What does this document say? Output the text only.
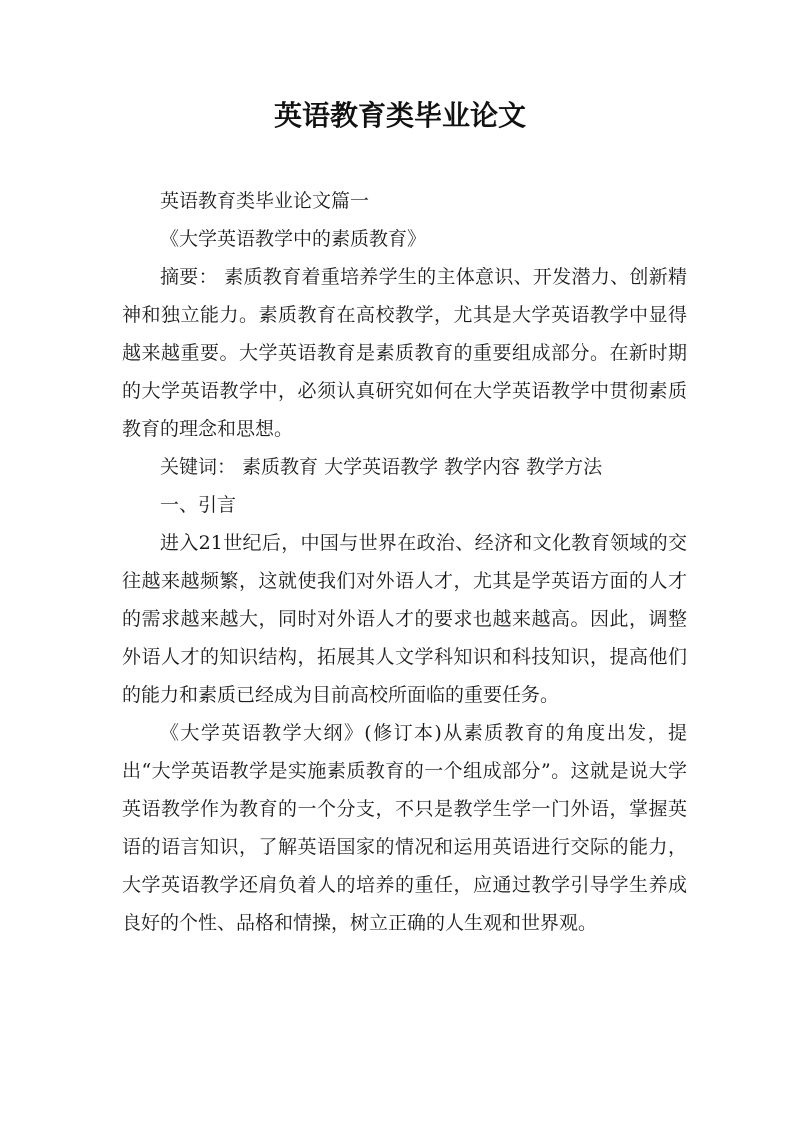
英语教育类毕业论文

英语教育类毕业论文篇一

《大学英语教学中的素质教育》

摘要： 素质教育着重培养学生的主体意识、开发潜力、创新精神和独立能力。素质教育在高校教学，尤其是大学英语教学中显得越来越重要。大学英语教育是素质教育的重要组成部分。在新时期的大学英语教学中，必须认真研究如何在大学英语教学中贯彻素质教育的理念和思想。

关键词： 素质教育 大学英语教学 教学内容 教学方法

一、引言

进入21世纪后，中国与世界在政治、经济和文化教育领域的交往越来越频繁，这就使我们对外语人才，尤其是学英语方面的人才的需求越来越大，同时对外语人才的要求也越来越高。因此，调整外语人才的知识结构，拓展其人文学科知识和科技知识，提高他们的能力和素质已经成为目前高校所面临的重要任务。

《大学英语教学大纲》(修订本)从素质教育的角度出发，提出“大学英语教学是实施素质教育的一个组成部分”。这就是说大学英语教学作为教育的一个分支，不只是教学生学一门外语，掌握英语的语言知识，了解英语国家的情况和运用英语进行交际的能力，大学英语教学还肩负着人的培养的重任，应通过教学引导学生养成良好的个性、品格和情操，树立正确的人生观和世界观。
